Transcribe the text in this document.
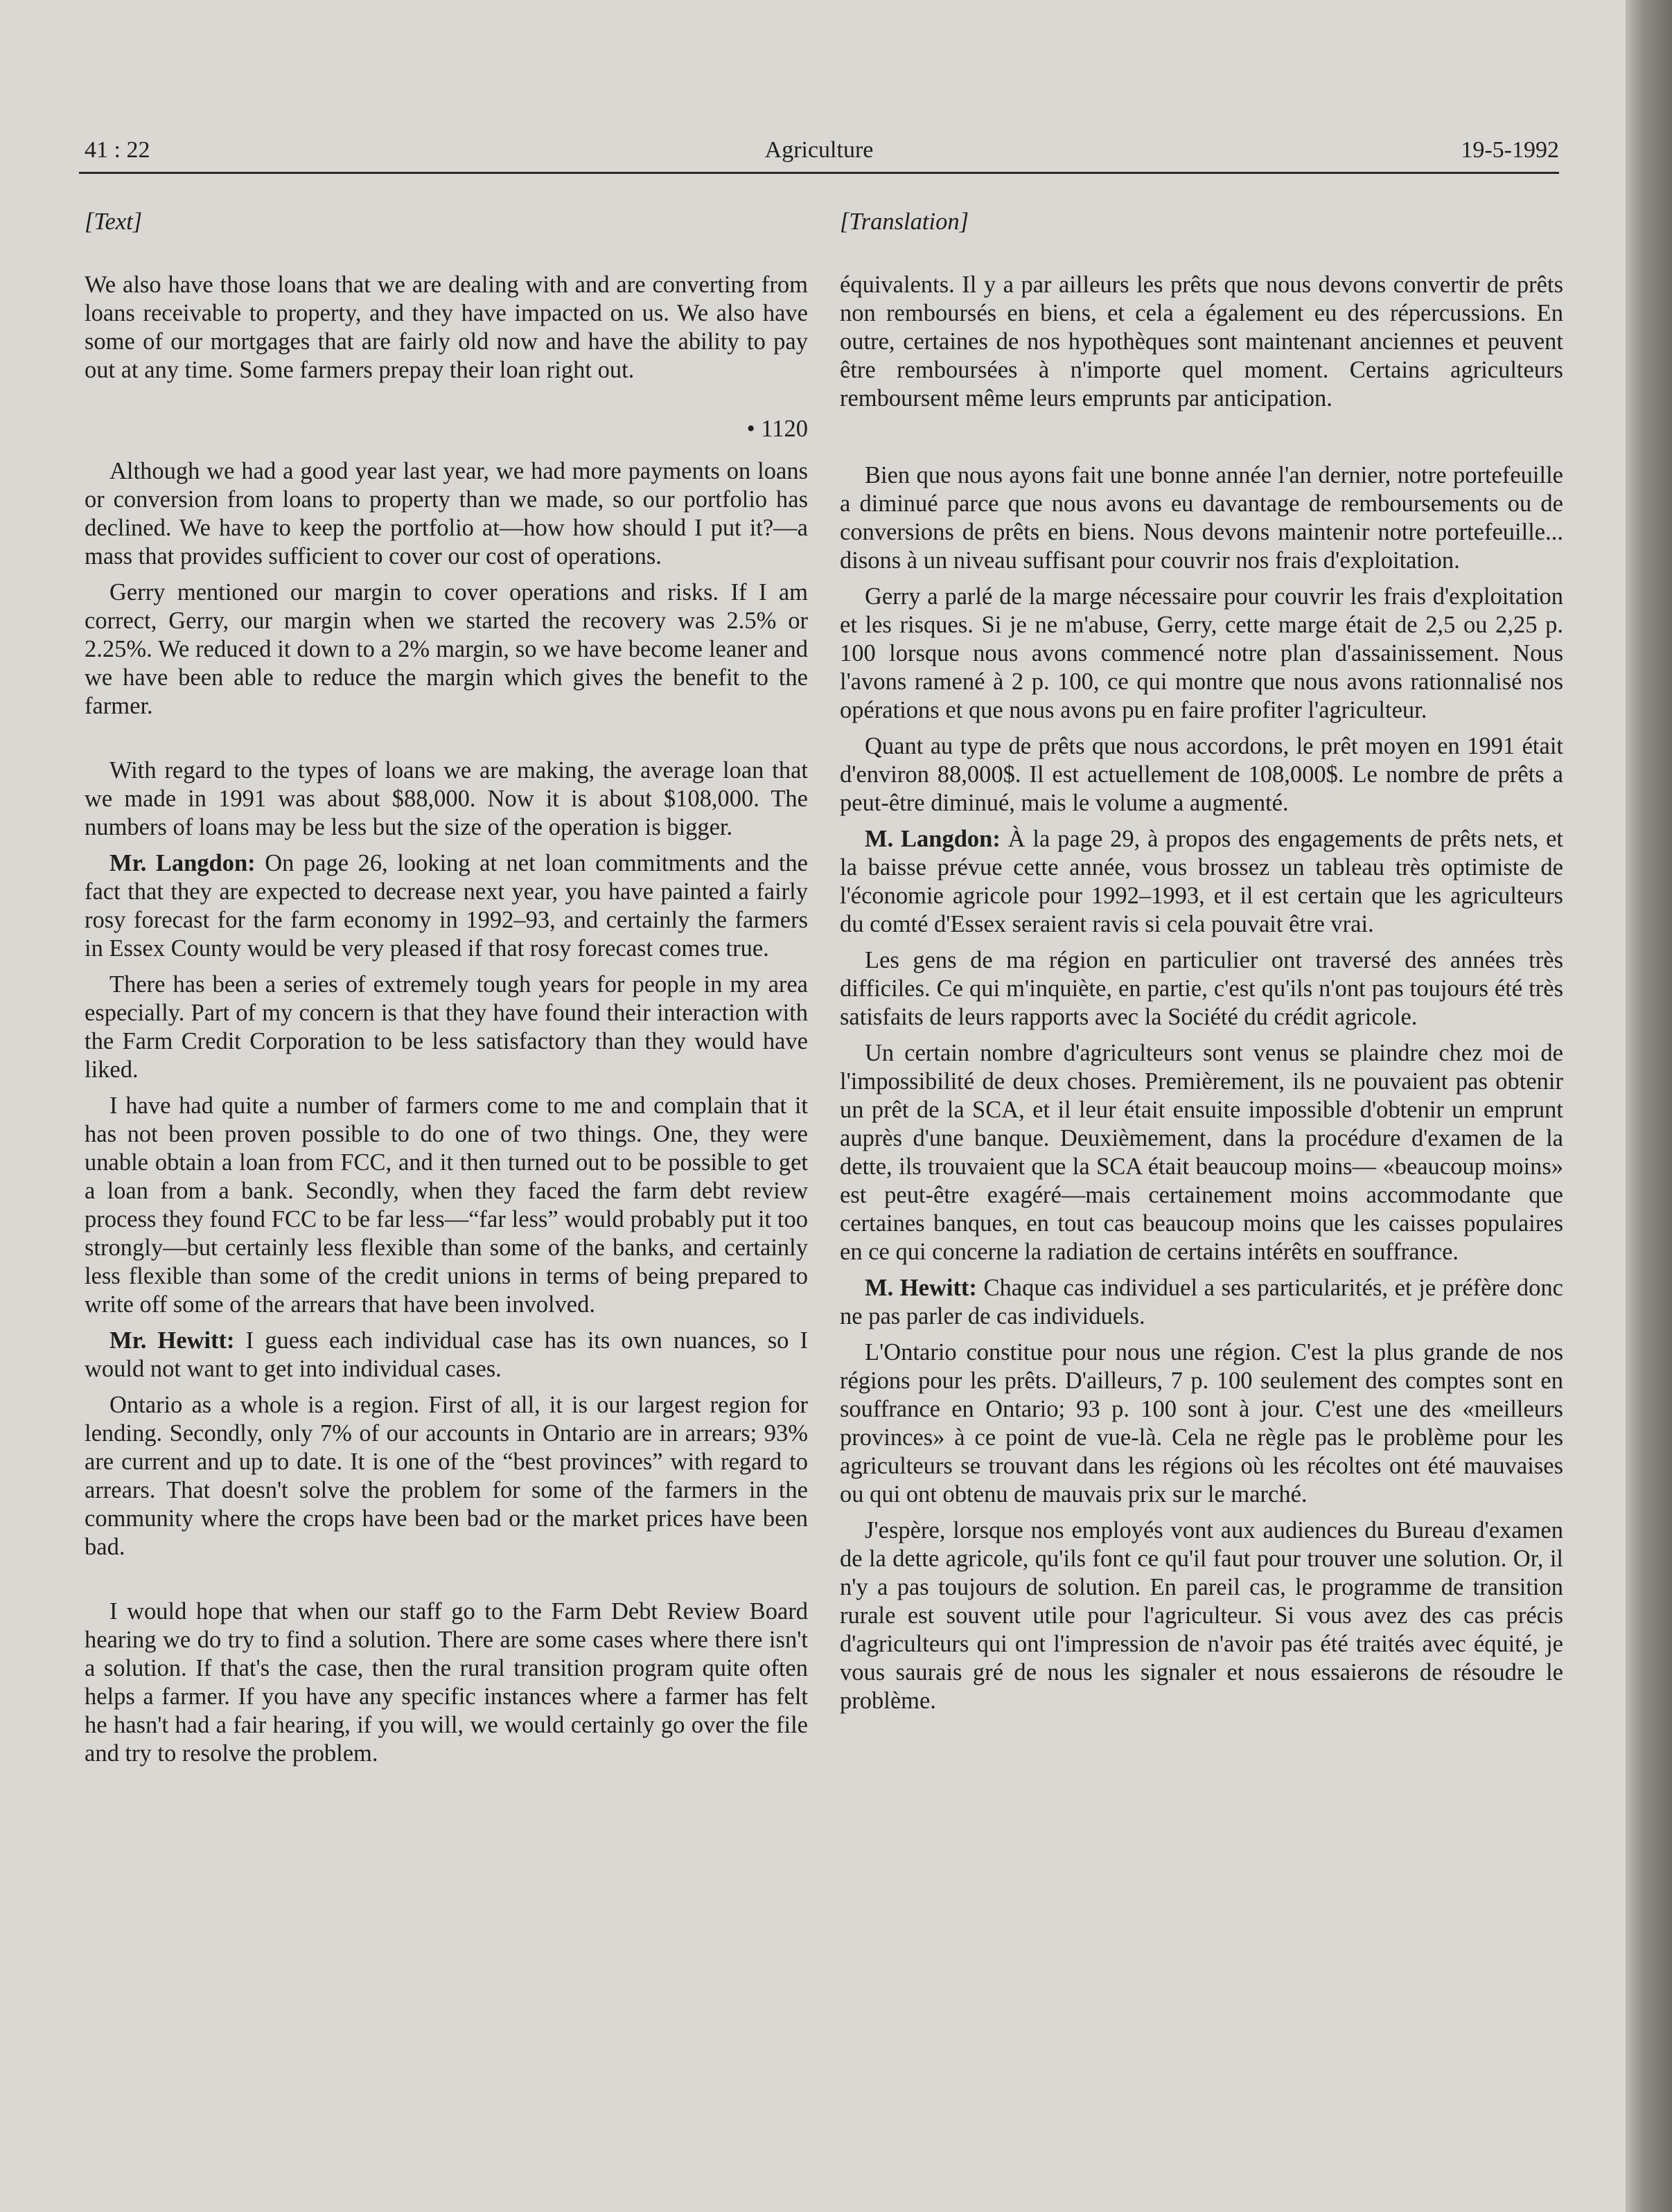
41 : 22	Agriculture	19-5-1992
[Text]

We also have those loans that we are dealing with and are converting from loans receivable to property, and they have impacted on us. We also have some of our mortgages that are fairly old now and have the ability to pay out at any time. Some farmers prepay their loan right out.

• 1120

Although we had a good year last year, we had more payments on loans or conversion from loans to property than we made, so our portfolio has declined. We have to keep the portfolio at—how how should I put it?—a mass that provides sufficient to cover our cost of operations.

Gerry mentioned our margin to cover operations and risks. If I am correct, Gerry, our margin when we started the recovery was 2.5% or 2.25%. We reduced it down to a 2% margin, so we have become leaner and we have been able to reduce the margin which gives the benefit to the farmer.

With regard to the types of loans we are making, the average loan that we made in 1991 was about $88,000. Now it is about $108,000. The numbers of loans may be less but the size of the operation is bigger.

Mr. Langdon: On page 26, looking at net loan commitments and the fact that they are expected to decrease next year, you have painted a fairly rosy forecast for the farm economy in 1992–93, and certainly the farmers in Essex County would be very pleased if that rosy forecast comes true.

There has been a series of extremely tough years for people in my area especially. Part of my concern is that they have found their interaction with the Farm Credit Corporation to be less satisfactory than they would have liked.

I have had quite a number of farmers come to me and complain that it has not been proven possible to do one of two things. One, they were unable obtain a loan from FCC, and it then turned out to be possible to get a loan from a bank. Secondly, when they faced the farm debt review process they found FCC to be far less—“far less” would probably put it too strongly—but certainly less flexible than some of the banks, and certainly less flexible than some of the credit unions in terms of being prepared to write off some of the arrears that have been involved.

Mr. Hewitt: I guess each individual case has its own nuances, so I would not want to get into individual cases.

Ontario as a whole is a region. First of all, it is our largest region for lending. Secondly, only 7% of our accounts in Ontario are in arrears; 93% are current and up to date. It is one of the “best provinces” with regard to arrears. That doesn't solve the problem for some of the farmers in the community where the crops have been bad or the market prices have been bad.

I would hope that when our staff go to the Farm Debt Review Board hearing we do try to find a solution. There are some cases where there isn't a solution. If that's the case, then the rural transition program quite often helps a farmer. If you have any specific instances where a farmer has felt he hasn't had a fair hearing, if you will, we would certainly go over the file and try to resolve the problem.

[Translation]

équivalents. Il y a par ailleurs les prêts que nous devons convertir de prêts non remboursés en biens, et cela a également eu des répercussions. En outre, certaines de nos hypothèques sont maintenant anciennes et peuvent être remboursées à n'importe quel moment. Certains agriculteurs remboursent même leurs emprunts par anticipation.

Bien que nous ayons fait une bonne année l'an dernier, notre portefeuille a diminué parce que nous avons eu davantage de remboursements ou de conversions de prêts en biens. Nous devons maintenir notre portefeuille... disons à un niveau suffisant pour couvrir nos frais d'exploitation.

Gerry a parlé de la marge nécessaire pour couvrir les frais d'exploitation et les risques. Si je ne m'abuse, Gerry, cette marge était de 2,5 ou 2,25 p. 100 lorsque nous avons commencé notre plan d'assainissement. Nous l'avons ramené à 2 p. 100, ce qui montre que nous avons rationnalisé nos opérations et que nous avons pu en faire profiter l'agriculteur.

Quant au type de prêts que nous accordons, le prêt moyen en 1991 était d'environ 88,000$. Il est actuellement de 108,000$. Le nombre de prêts a peut-être diminué, mais le volume a augmenté.

M. Langdon: À la page 29, à propos des engagements de prêts nets, et la baisse prévue cette année, vous brossez un tableau très optimiste de l'économie agricole pour 1992–1993, et il est certain que les agriculteurs du comté d'Essex seraient ravis si cela pouvait être vrai.

Les gens de ma région en particulier ont traversé des années très difficiles. Ce qui m'inquiète, en partie, c'est qu'ils n'ont pas toujours été très satisfaits de leurs rapports avec la Société du crédit agricole.

Un certain nombre d'agriculteurs sont venus se plaindre chez moi de l'impossibilité de deux choses. Premièrement, ils ne pouvaient pas obtenir un prêt de la SCA, et il leur était ensuite impossible d'obtenir un emprunt auprès d'une banque. Deuxièmement, dans la procédure d'examen de la dette, ils trouvaient que la SCA était beaucoup moins— «beaucoup moins» est peut-être exagéré—mais certainement moins accommodante que certaines banques, en tout cas beaucoup moins que les caisses populaires en ce qui concerne la radiation de certains intérêts en souffrance.

M. Hewitt: Chaque cas individuel a ses particularités, et je préfère donc ne pas parler de cas individuels.

L'Ontario constitue pour nous une région. C'est la plus grande de nos régions pour les prêts. D'ailleurs, 7 p. 100 seulement des comptes sont en souffrance en Ontario; 93 p. 100 sont à jour. C'est une des «meilleurs provinces» à ce point de vue-là. Cela ne règle pas le problème pour les agriculteurs se trouvant dans les régions où les récoltes ont été mauvaises ou qui ont obtenu de mauvais prix sur le marché.

J'espère, lorsque nos employés vont aux audiences du Bureau d'examen de la dette agricole, qu'ils font ce qu'il faut pour trouver une solution. Or, il n'y a pas toujours de solution. En pareil cas, le programme de transition rurale est souvent utile pour l'agriculteur. Si vous avez des cas précis d'agriculteurs qui ont l'impression de n'avoir pas été traités avec équité, je vous saurais gré de nous les signaler et nous essaierons de résoudre le problème.
